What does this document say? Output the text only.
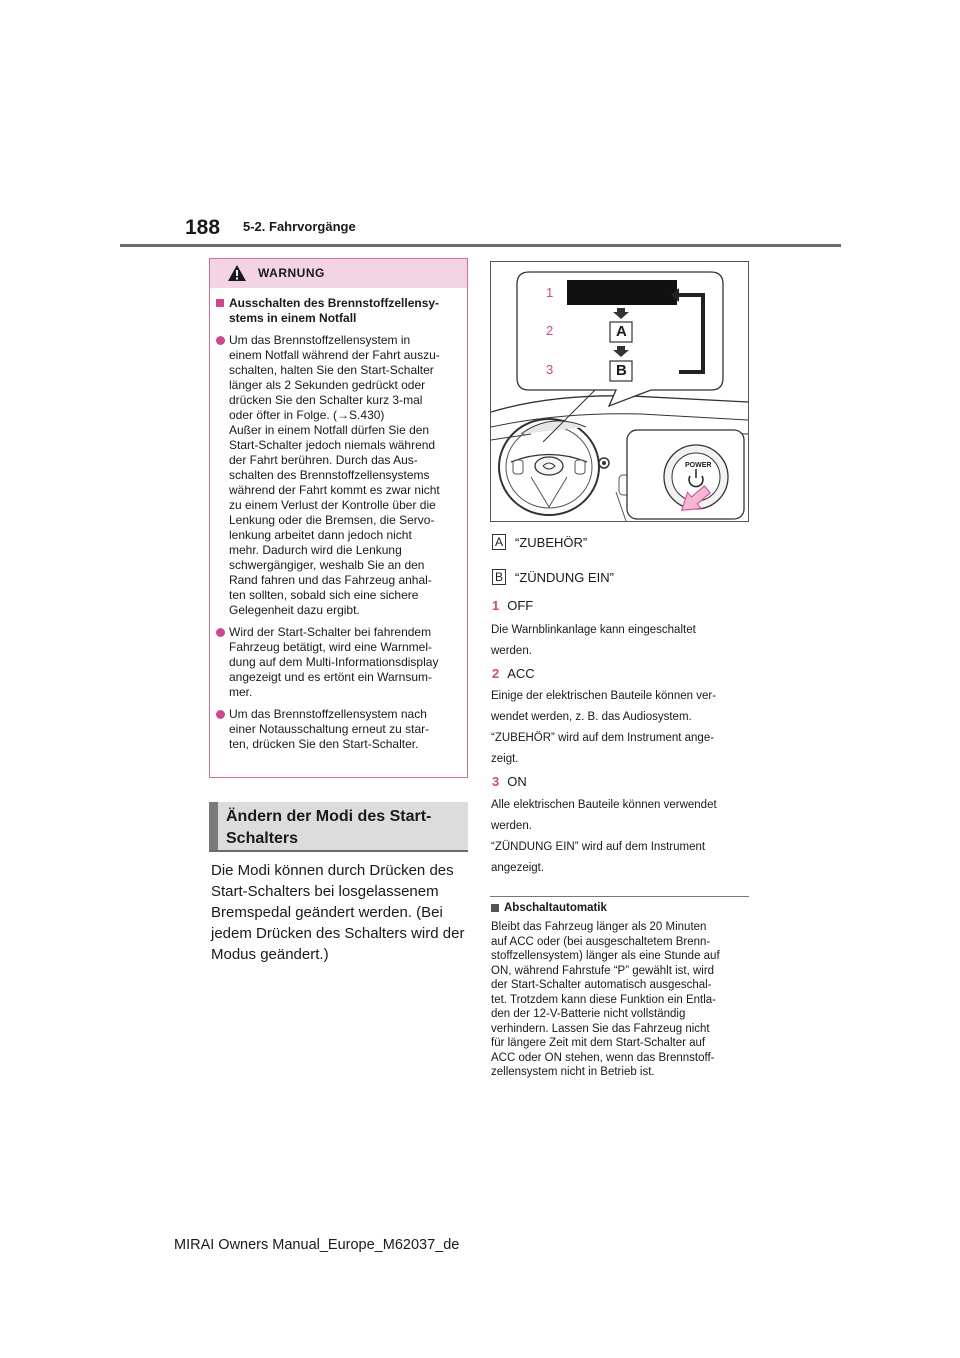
188 5-2. Fahrvorgänge
WARNUNG
Ausschalten des Brennstoffzellensy-
stems in einem Notfall
Um das Brennstoffzellensystem in
einem Notfall während der Fahrt auszu-
schalten, halten Sie den Start-Schalter
länger als 2 Sekunden gedrückt oder
drücken Sie den Schalter kurz 3-mal
oder öfter in Folge. (→S.430)
Außer in einem Notfall dürfen Sie den
Start-Schalter jedoch niemals während
der Fahrt berühren. Durch das Aus-
schalten des Brennstoffzellensystems
während der Fahrt kommt es zwar nicht
zu einem Verlust der Kontrolle über die
Lenkung oder die Bremsen, die Servo-
lenkung arbeitet dann jedoch nicht
mehr. Dadurch wird die Lenkung
schwergängiger, weshalb Sie an den
Rand fahren und das Fahrzeug anhal-
ten sollten, sobald sich eine sichere
Gelegenheit dazu ergibt.
Wird der Start-Schalter bei fahrendem
Fahrzeug betätigt, wird eine Warnmel-
dung auf dem Multi-Informationsdisplay
angezeigt und es ertönt ein Warnsum-
mer.
Um das Brennstoffzellensystem nach
einer Notausschaltung erneut zu star-
ten, drücken Sie den Start-Schalter.
Ändern der Modi des Start-
Schalters
Die Modi können durch Drücken des
Start-Schalters bei losgelassenem
Bremspedal geändert werden. (Bei
jedem Drücken des Schalters wird der
Modus geändert.)
1
2
3
A
B
POWER
A “ZUBEHÖR”
B “ZÜNDUNG EIN”
1 OFF
Die Warnblinkanlage kann eingeschaltet
werden.
2 ACC
Einige der elektrischen Bauteile können ver-
wendet werden, z. B. das Audiosystem.
“ZUBEHÖR” wird auf dem Instrument ange-
zeigt.
3 ON
Alle elektrischen Bauteile können verwendet
werden.
“ZÜNDUNG EIN” wird auf dem Instrument
angezeigt.
Abschaltautomatik
Bleibt das Fahrzeug länger als 20 Minuten
auf ACC oder (bei ausgeschaltetem Brenn-
stoffzellensystem) länger als eine Stunde auf
ON, während Fahrstufe “P” gewählt ist, wird
der Start-Schalter automatisch ausgeschal-
tet. Trotzdem kann diese Funktion ein Entla-
den der 12-V-Batterie nicht vollständig
verhindern. Lassen Sie das Fahrzeug nicht
für längere Zeit mit dem Start-Schalter auf
ACC oder ON stehen, wenn das Brennstoff-
zellensystem nicht in Betrieb ist.
MIRAI Owners Manual_Europe_M62037_de
